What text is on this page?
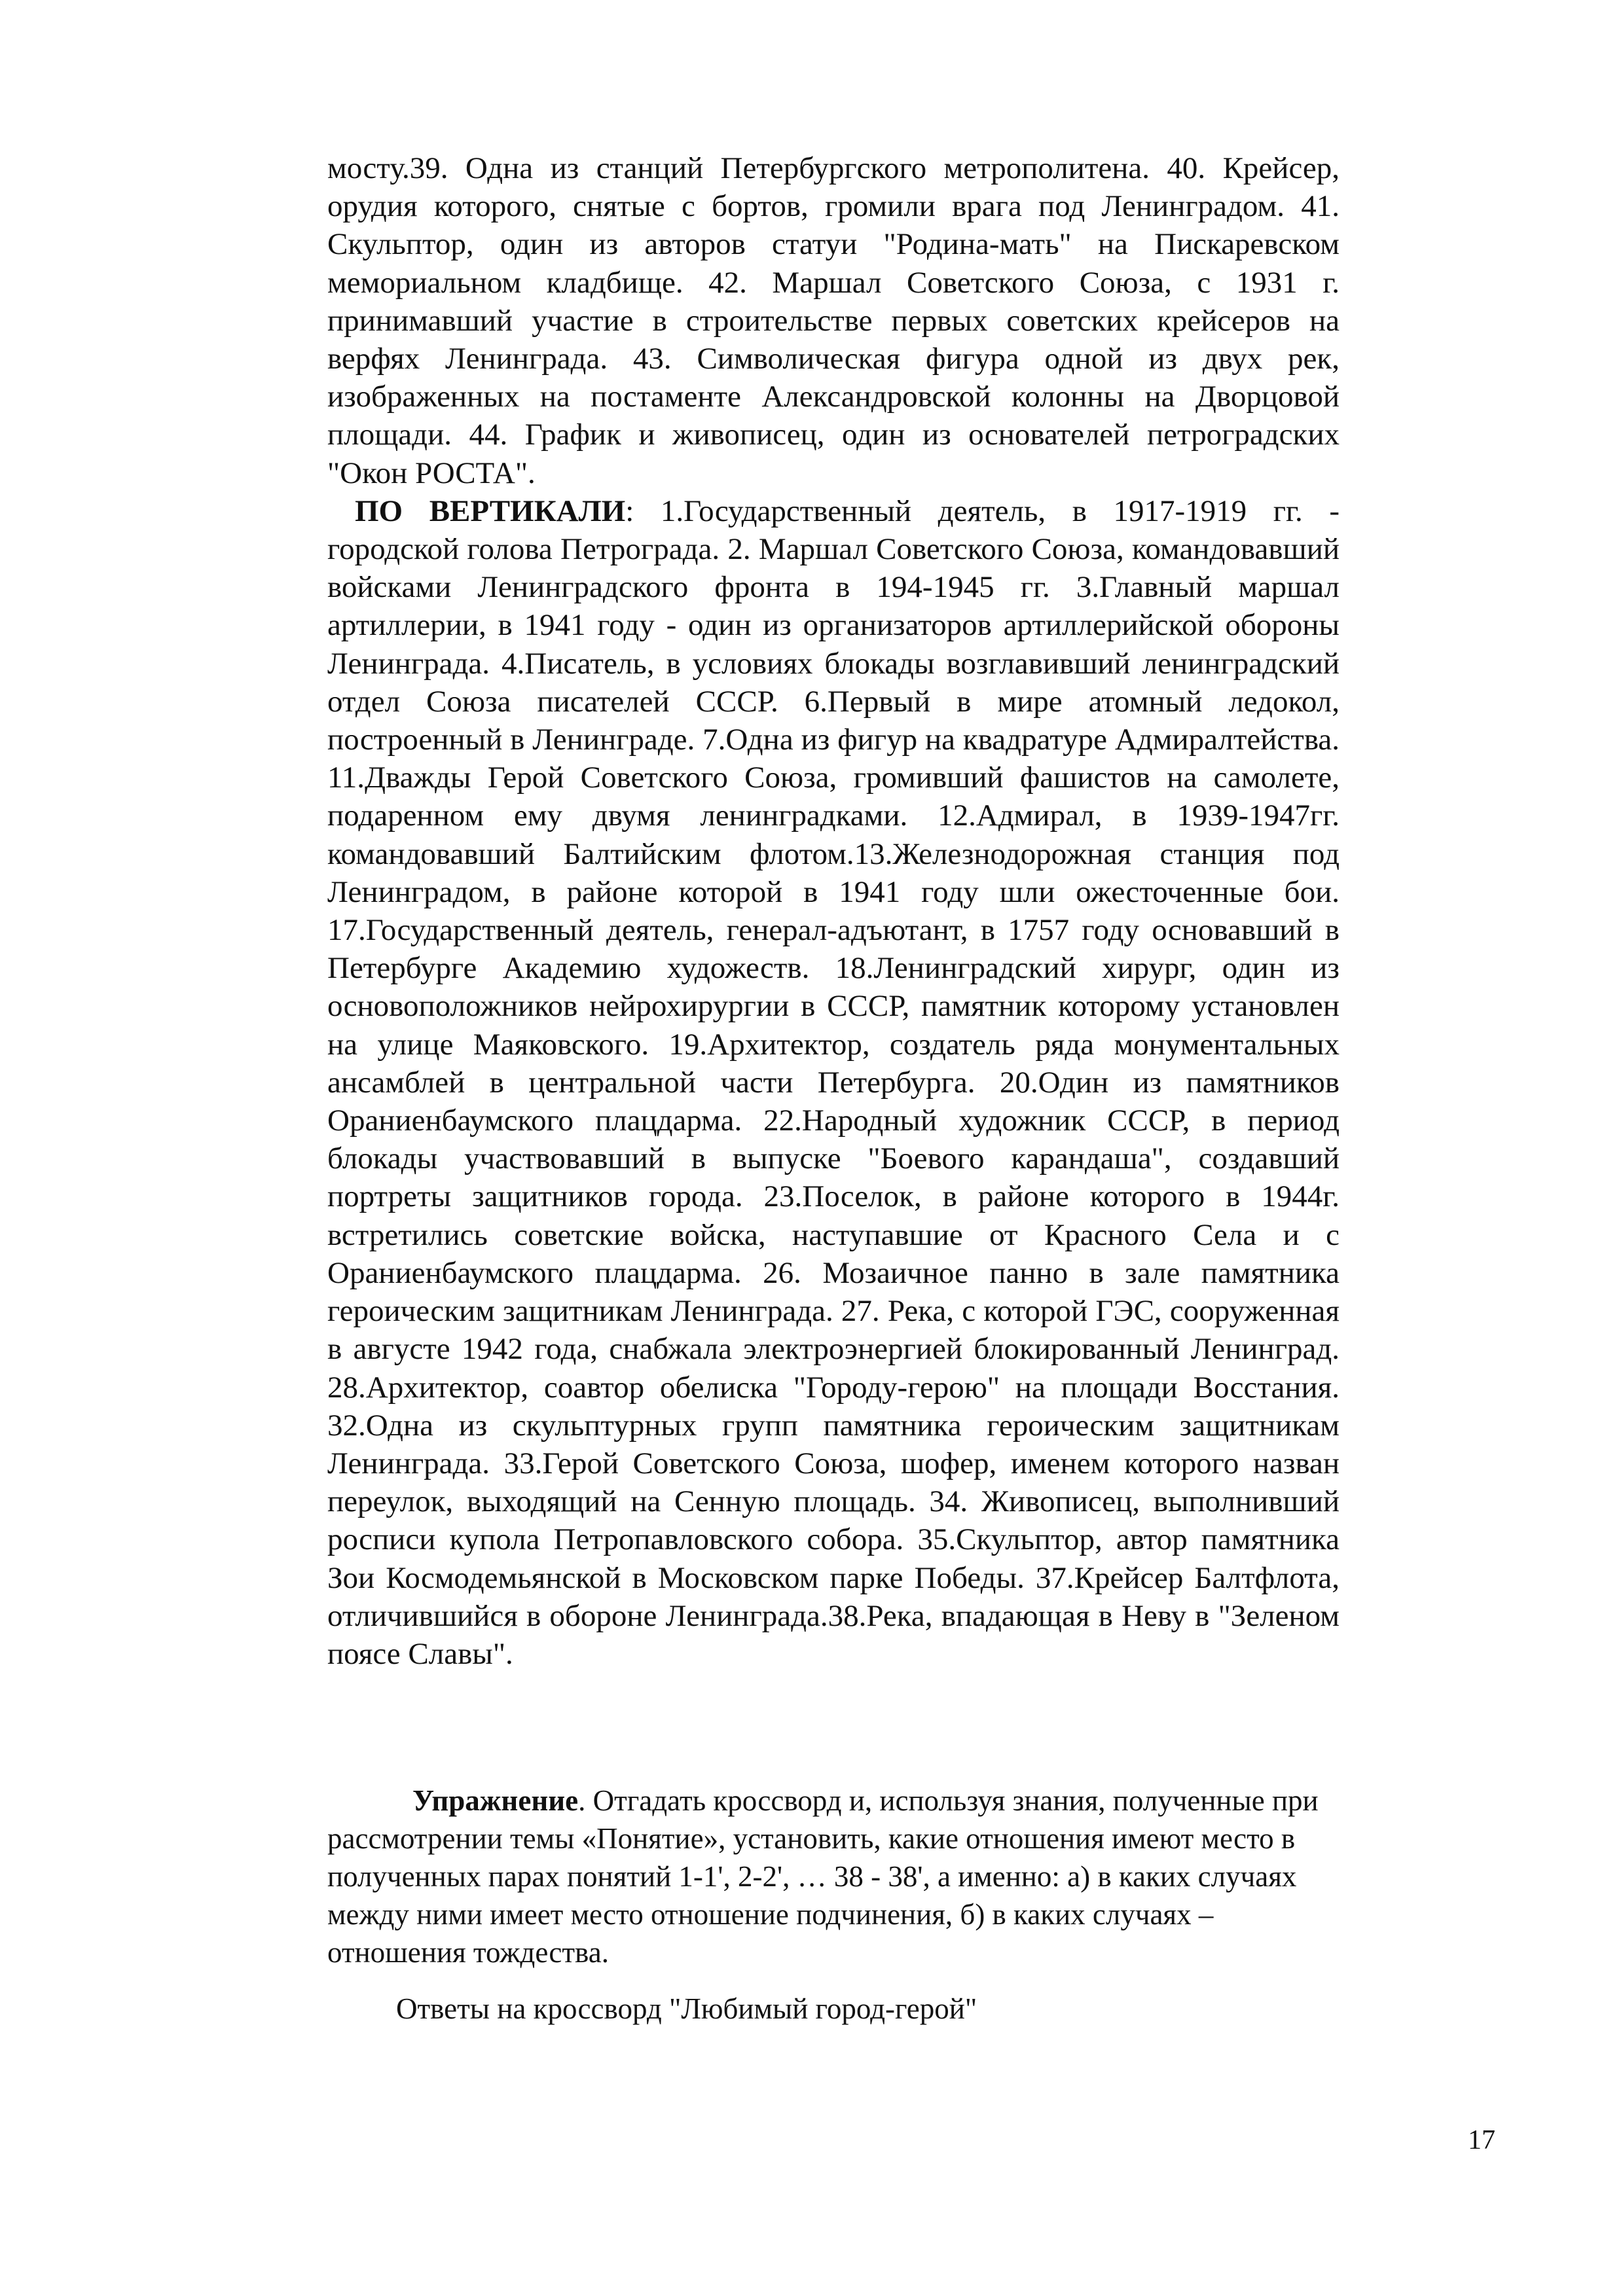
мосту.39. Одна из станций Петербургского метрополитена. 40. Крейсер, орудия которого, снятые с бортов, громили врага под Ленинградом. 41. Скульптор, один из авторов статуи "Родина-мать" на Пискаревском мемориальном кладбище. 42. Маршал Советского Союза, с 1931 г. принимавший участие в строительстве первых советских крейсеров на верфях Ленинграда. 43. Символическая фигура одной из двух рек, изображенных на постаменте Александровской колонны на Дворцовой площади. 44. График и живописец, один из основателей петроградских "Окон РОСТА".

ПО ВЕРТИКАЛИ: 1.Государственный деятель, в 1917-1919 гг. - городской голова Петрограда. 2. Маршал Советского Союза, командовавший войсками Ленинградского фронта в 194-1945 гг. 3.Главный маршал артиллерии, в 1941 году - один из организаторов артиллерийской обороны Ленинграда. 4.Писатель, в условиях блокады возглавивший ленинградский отдел Союза писателей СССР. 6.Первый в мире атомный ледокол, построенный в Ленинграде. 7.Одна из фигур на квадратуре Адмиралтейства. 11.Дважды Герой Советского Союза, громивший фашистов на самолете, подаренном ему двумя ленинградками. 12.Адмирал, в 1939-1947гг. командовавший Балтийским флотом.13.Железнодорожная станция под Ленинградом, в районе которой в 1941 году шли ожесточенные бои. 17.Государственный деятель, генерал-адъютант, в 1757 году основавший в Петербурге Академию художеств. 18.Ленинградский хирург, один из основоположников нейрохирургии в СССР, памятник которому установлен на улице Маяковского. 19.Архитектор, создатель ряда монументальных ансамблей в центральной части Петербурга. 20.Один из памятников Ораниенбаумского плацдарма. 22.Народный художник СССР, в период блокады участвовавший в выпуске "Боевого карандаша", создавший портреты защитников города. 23.Поселок, в районе которого в 1944г. встретились советские войска, наступавшие от Красного Села и с Ораниенбаумского плацдарма. 26. Мозаичное панно в зале памятника героическим защитникам Ленинграда. 27. Река, с которой ГЭС, сооруженная в августе 1942 года, снабжала электроэнергией блокированный Ленинград. 28.Архитектор, соавтор обелиска "Городу-герою" на площади Восстания. 32.Одна из скульптурных групп памятника героическим защитникам Ленинграда. 33.Герой Советского Союза, шофер, именем которого назван переулок, выходящий на Сенную площадь. 34. Живописец, выполнивший росписи купола Петропавловского собора. 35.Скульптор, автор памятника Зои Космодемьянской в Московском парке Победы. 37.Крейсер Балтфлота, отличившийся в обороне Ленинграда.38.Река, впадающая в Неву в "Зеленом поясе Славы".

Упражнение. Отгадать кроссворд и, используя знания, полученные при рассмотрении темы «Понятие», установить, какие отношения имеют место в полученных парах понятий 1-1', 2-2', … 38 - 38', а именно: а) в каких случаях между ними имеет место отношение подчинения, б) в каких случаях – отношения тождества.

Ответы на кроссворд "Любимый город-герой"
17
